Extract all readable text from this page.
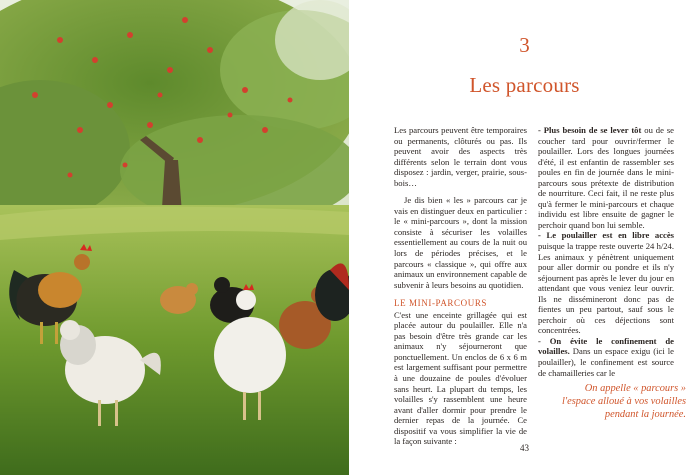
3
Les parcours

Les parcours peuvent être temporaires ou permanents, clôturés ou pas. Ils peuvent avoir des aspects très différents selon le terrain dont vous disposez : jardin, verger, prairie, sous-bois…

Je dis bien « les » parcours car je vais en distinguer deux en particulier : le « mini-parcours », dont la mission consiste à sécuriser les volailles essentiellement au cours de la nuit ou lors de périodes précises, et le parcours « classique », qui offre aux animaux un environnement capable de subvenir à leurs besoins au quotidien.

LE MINI-PARCOURS

C'est une enceinte grillagée qui est placée autour du poulailler. Elle n'a pas besoin d'être très grande car les animaux n'y séjourneront que ponctuellement. Un enclos de 6 x 6 m est largement suffisant pour permettre à une douzaine de poules d'évoluer sans heurt. La plupart du temps, les volailles s'y rassemblent une heure avant d'aller dormir pour prendre le dernier repas de la journée. Ce dispositif va vous simplifier la vie de la façon suivante :

- Plus besoin de se lever tôt ou de se coucher tard pour ouvrir/fermer le poulailler. Lors des longues journées d'été, il est enfantin de rassembler ses poules en fin de journée dans le mini-parcours sous prétexte de distribution de nourriture. Ceci fait, il ne reste plus qu'à fermer le mini-parcours et chaque individu est libre ensuite de gagner le perchoir quand bon lui semble.

- Le poulailler est en libre accès puisque la trappe reste ouverte 24 h/24. Les animaux y pénètrent uniquement pour aller dormir ou pondre et ils n'y séjournent pas après le lever du jour en attendant que vous veniez leur ouvrir. Ils ne dissémineront donc pas de fientes un peu partout, sauf sous le perchoir où ces déjections sont concentrées.

- On évite le confinement de volailles. Dans un espace exigu (ici le poulailler), le confinement est source de chamailleries car le

On appelle « parcours »
l'espace alloué à vos volailles
pendant la journée.
43
